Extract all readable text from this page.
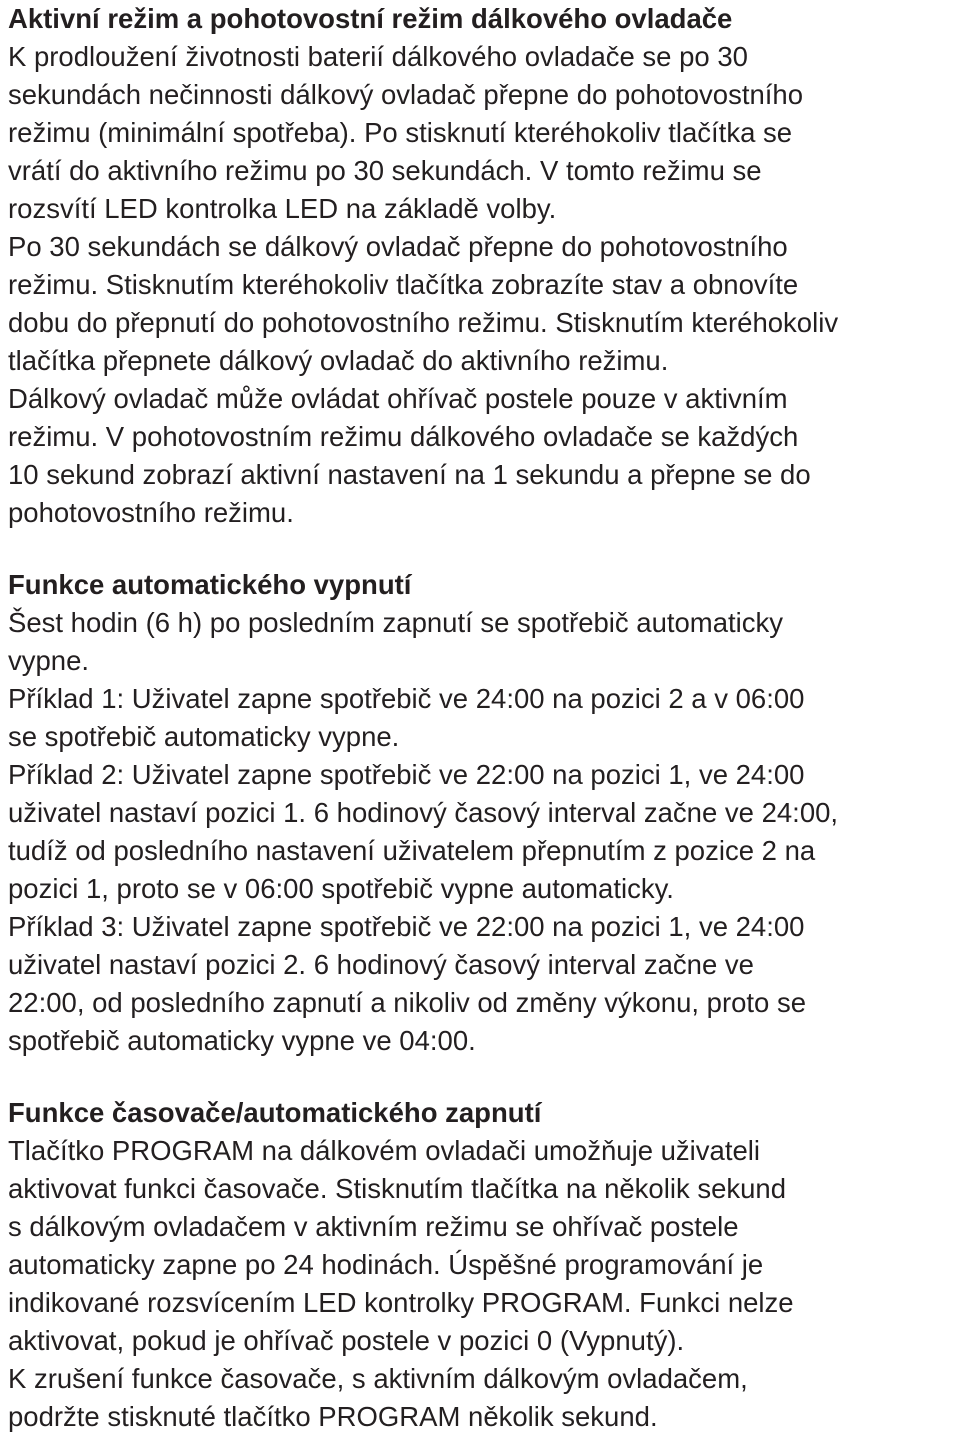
Aktivní režim a pohotovostní režim dálkového ovladače
K prodloužení životnosti baterií dálkového ovladače se po 30
sekundách nečinnosti dálkový ovladač přepne do pohotovostního
režimu (minimální spotřeba). Po stisknutí kteréhokoliv tlačítka se
vrátí do aktivního režimu po 30 sekundách. V tomto režimu se
rozsvítí LED kontrolka LED na základě volby.
Po 30 sekundách se dálkový ovladač přepne do pohotovostního
režimu. Stisknutím kteréhokoliv tlačítka zobrazíte stav a obnovíte
dobu do přepnutí do pohotovostního režimu. Stisknutím kteréhokoliv
tlačítka přepnete dálkový ovladač do aktivního režimu.
Dálkový ovladač může ovládat ohřívač postele pouze v aktivním
režimu. V pohotovostním režimu dálkového ovladače se každých
10 sekund zobrazí aktivní nastavení na 1 sekundu a přepne se do
pohotovostního režimu.
Funkce automatického vypnutí
Šest hodin (6 h) po posledním zapnutí se spotřebič automaticky
vypne.
Příklad 1: Uživatel zapne spotřebič ve 24:00 na pozici 2 a v 06:00
se spotřebič automaticky vypne.
Příklad 2: Uživatel zapne spotřebič ve 22:00 na pozici 1, ve 24:00
uživatel nastaví pozici 1. 6 hodinový časový interval začne ve 24:00,
tudíž od posledního nastavení uživatelem přepnutím z pozice 2 na
pozici 1, proto se v 06:00 spotřebič vypne automaticky.
Příklad 3: Uživatel zapne spotřebič ve 22:00 na pozici 1, ve 24:00
uživatel nastaví pozici 2. 6 hodinový časový interval začne ve
22:00, od posledního zapnutí a nikoliv od změny výkonu, proto se
spotřebič automaticky vypne ve 04:00.
Funkce časovače/automatického zapnutí
Tlačítko PROGRAM na dálkovém ovladači umožňuje uživateli
aktivovat funkci časovače. Stisknutím tlačítka na několik sekund
s dálkovým ovladačem v aktivním režimu se ohřívač postele
automaticky zapne po 24 hodinách. Úspěšné programování je
indikované rozsvícením LED kontrolky PROGRAM. Funkci nelze
aktivovat, pokud je ohřívač postele v pozici 0 (Vypnutý).
K zrušení funkce časovače, s aktivním dálkovým ovladačem,
podržte stisknuté tlačítko PROGRAM několik sekund.
